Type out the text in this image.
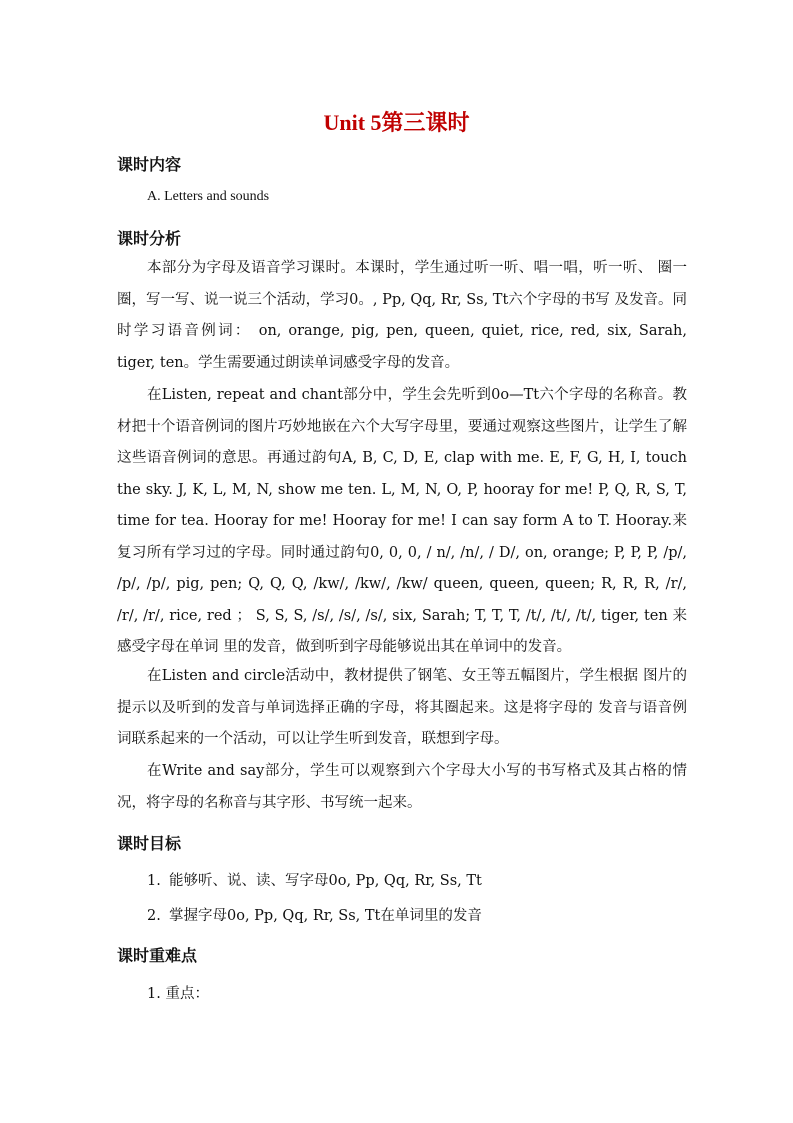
Unit 5第三课时
课时内容
A. Letters and sounds
课时分析

本部分为字母及语音学习课时。本课时，学生通过听一听、唱一唱，听一听、 圈一圈，写一写、说一说三个活动，学习0。, Pp, Qq, Rr, Ss, Tt六个字母的书写 及发音。同时学习语音例词： on, orange, pig, pen, queen, quiet, rice, red, six, Sarah, tiger, ten。学生需要通过朗读单词感受字母的发音。

在Listen, repeat and chant部分中，学生会先听到0o—Tt六个字母的名称音。教材把十个语音例词的图片巧妙地嵌在六个大写字母里，要通过观察这些图片，让学生了解这些语音例词的意思。再通过韵句A, B, C, D, E, clap with me. E, F, G, H, I, touch the sky. J, K, L, M, N, show me ten. L, M, N, O, P, hooray for me! P, Q, R, S, T, time for tea. Hooray for me! Hooray for me! I can say form A to T. Hooray.来复习所有学习过的字母。同时通过韵句0, 0, 0, / n/, /n/, / D/, on, orange; P, P, P, /p/, /p/, /p/, pig, pen; Q, Q, Q, /kw/, /kw/, /kw/ queen, queen, queen; R, R, R, /r/, /r/, /r/, rice, red ； S, S, S, /s/, /s/, /s/, six, Sarah; T, T, T, /t/, /t/, /t/, tiger, ten 来感受字母在单词 里的发音，做到听到字母能够说出其在单词中的发音。

在Listen and circle活动中，教材提供了钢笔、女王等五幅图片，学生根据 图片的提示以及听到的发音与单词选择正确的字母，将其圈起来。这是将字母的 发音与语音例词联系起来的一个活动，可以让学生听到发音，联想到字母。

在Write and say部分，学生可以观察到六个字母大小写的书写格式及其占格的情况，将字母的名称音与其字形、书写统一起来。

课时目标
1. 能够听、说、读、写字母0o, Pp, Qq, Rr, Ss, Tt
2. 掌握字母0o, Pp, Qq, Rr, Ss, Tt在单词里的发音
课时重难点
1. 重点：
